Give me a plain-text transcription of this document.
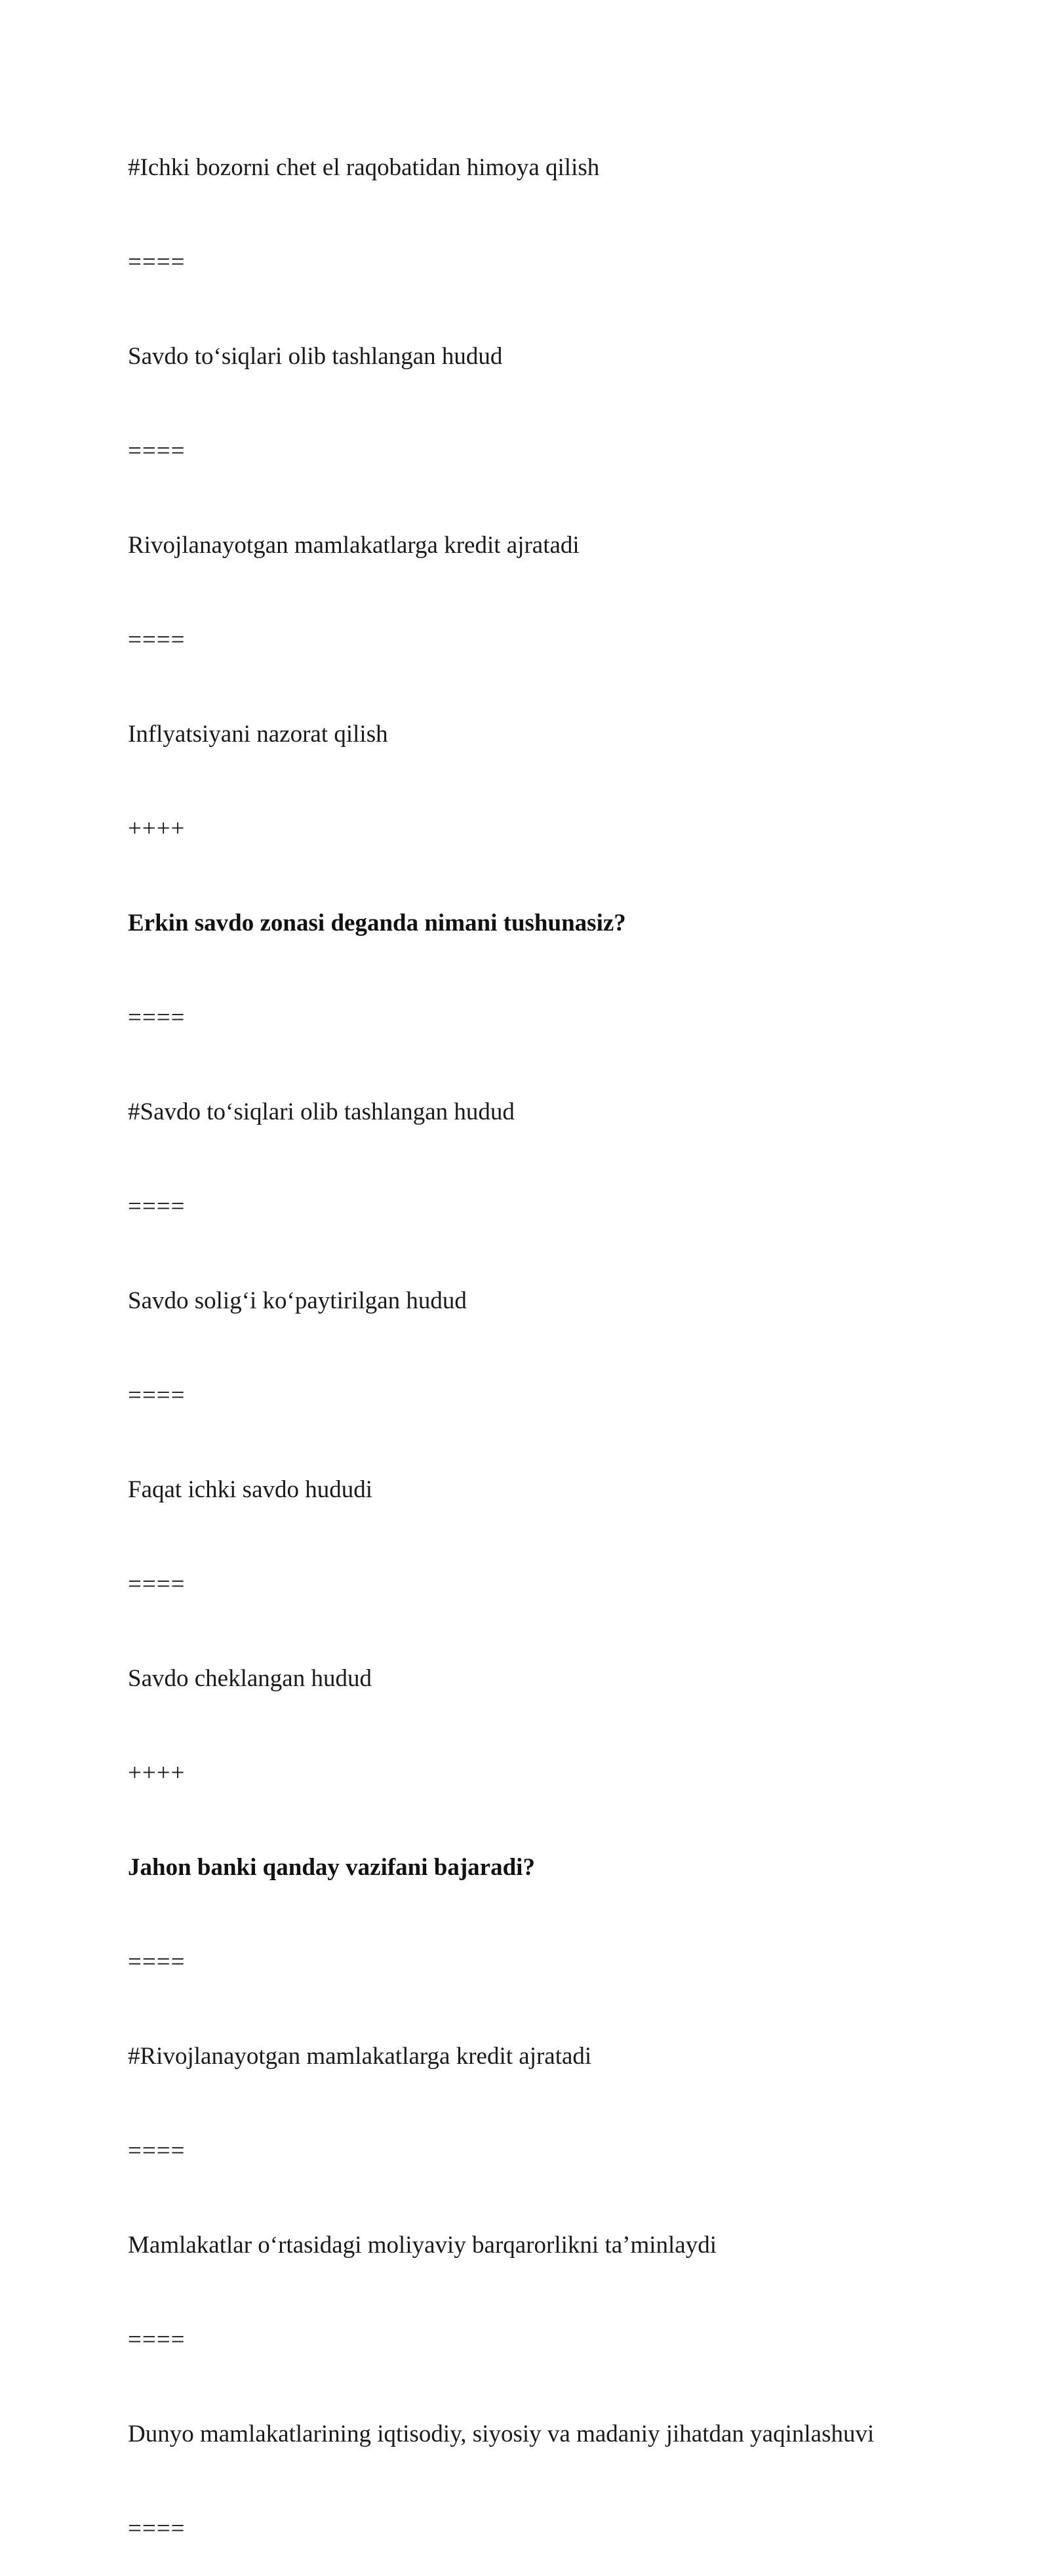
#Ichki bozorni chet el raqobatidan himoya qilish

====

Savdo to‘siqlari olib tashlangan hudud

====

Rivojlanayotgan mamlakatlarga kredit ajratadi

====

Inflyatsiyani nazorat qilish

++++

Erkin savdo zonasi deganda nimani tushunasiz?

====

#Savdo to‘siqlari olib tashlangan hudud

====

Savdo solig‘i ko‘paytirilgan hudud

====

Faqat ichki savdo hududi

====

Savdo cheklangan hudud

++++

Jahon banki qanday vazifani bajaradi?

====

#Rivojlanayotgan mamlakatlarga kredit ajratadi

====

Mamlakatlar o‘rtasidagi moliyaviy barqarorlikni ta’minlaydi

====

Dunyo mamlakatlarining iqtisodiy, siyosiy va madaniy jihatdan yaqinlashuvi

====
